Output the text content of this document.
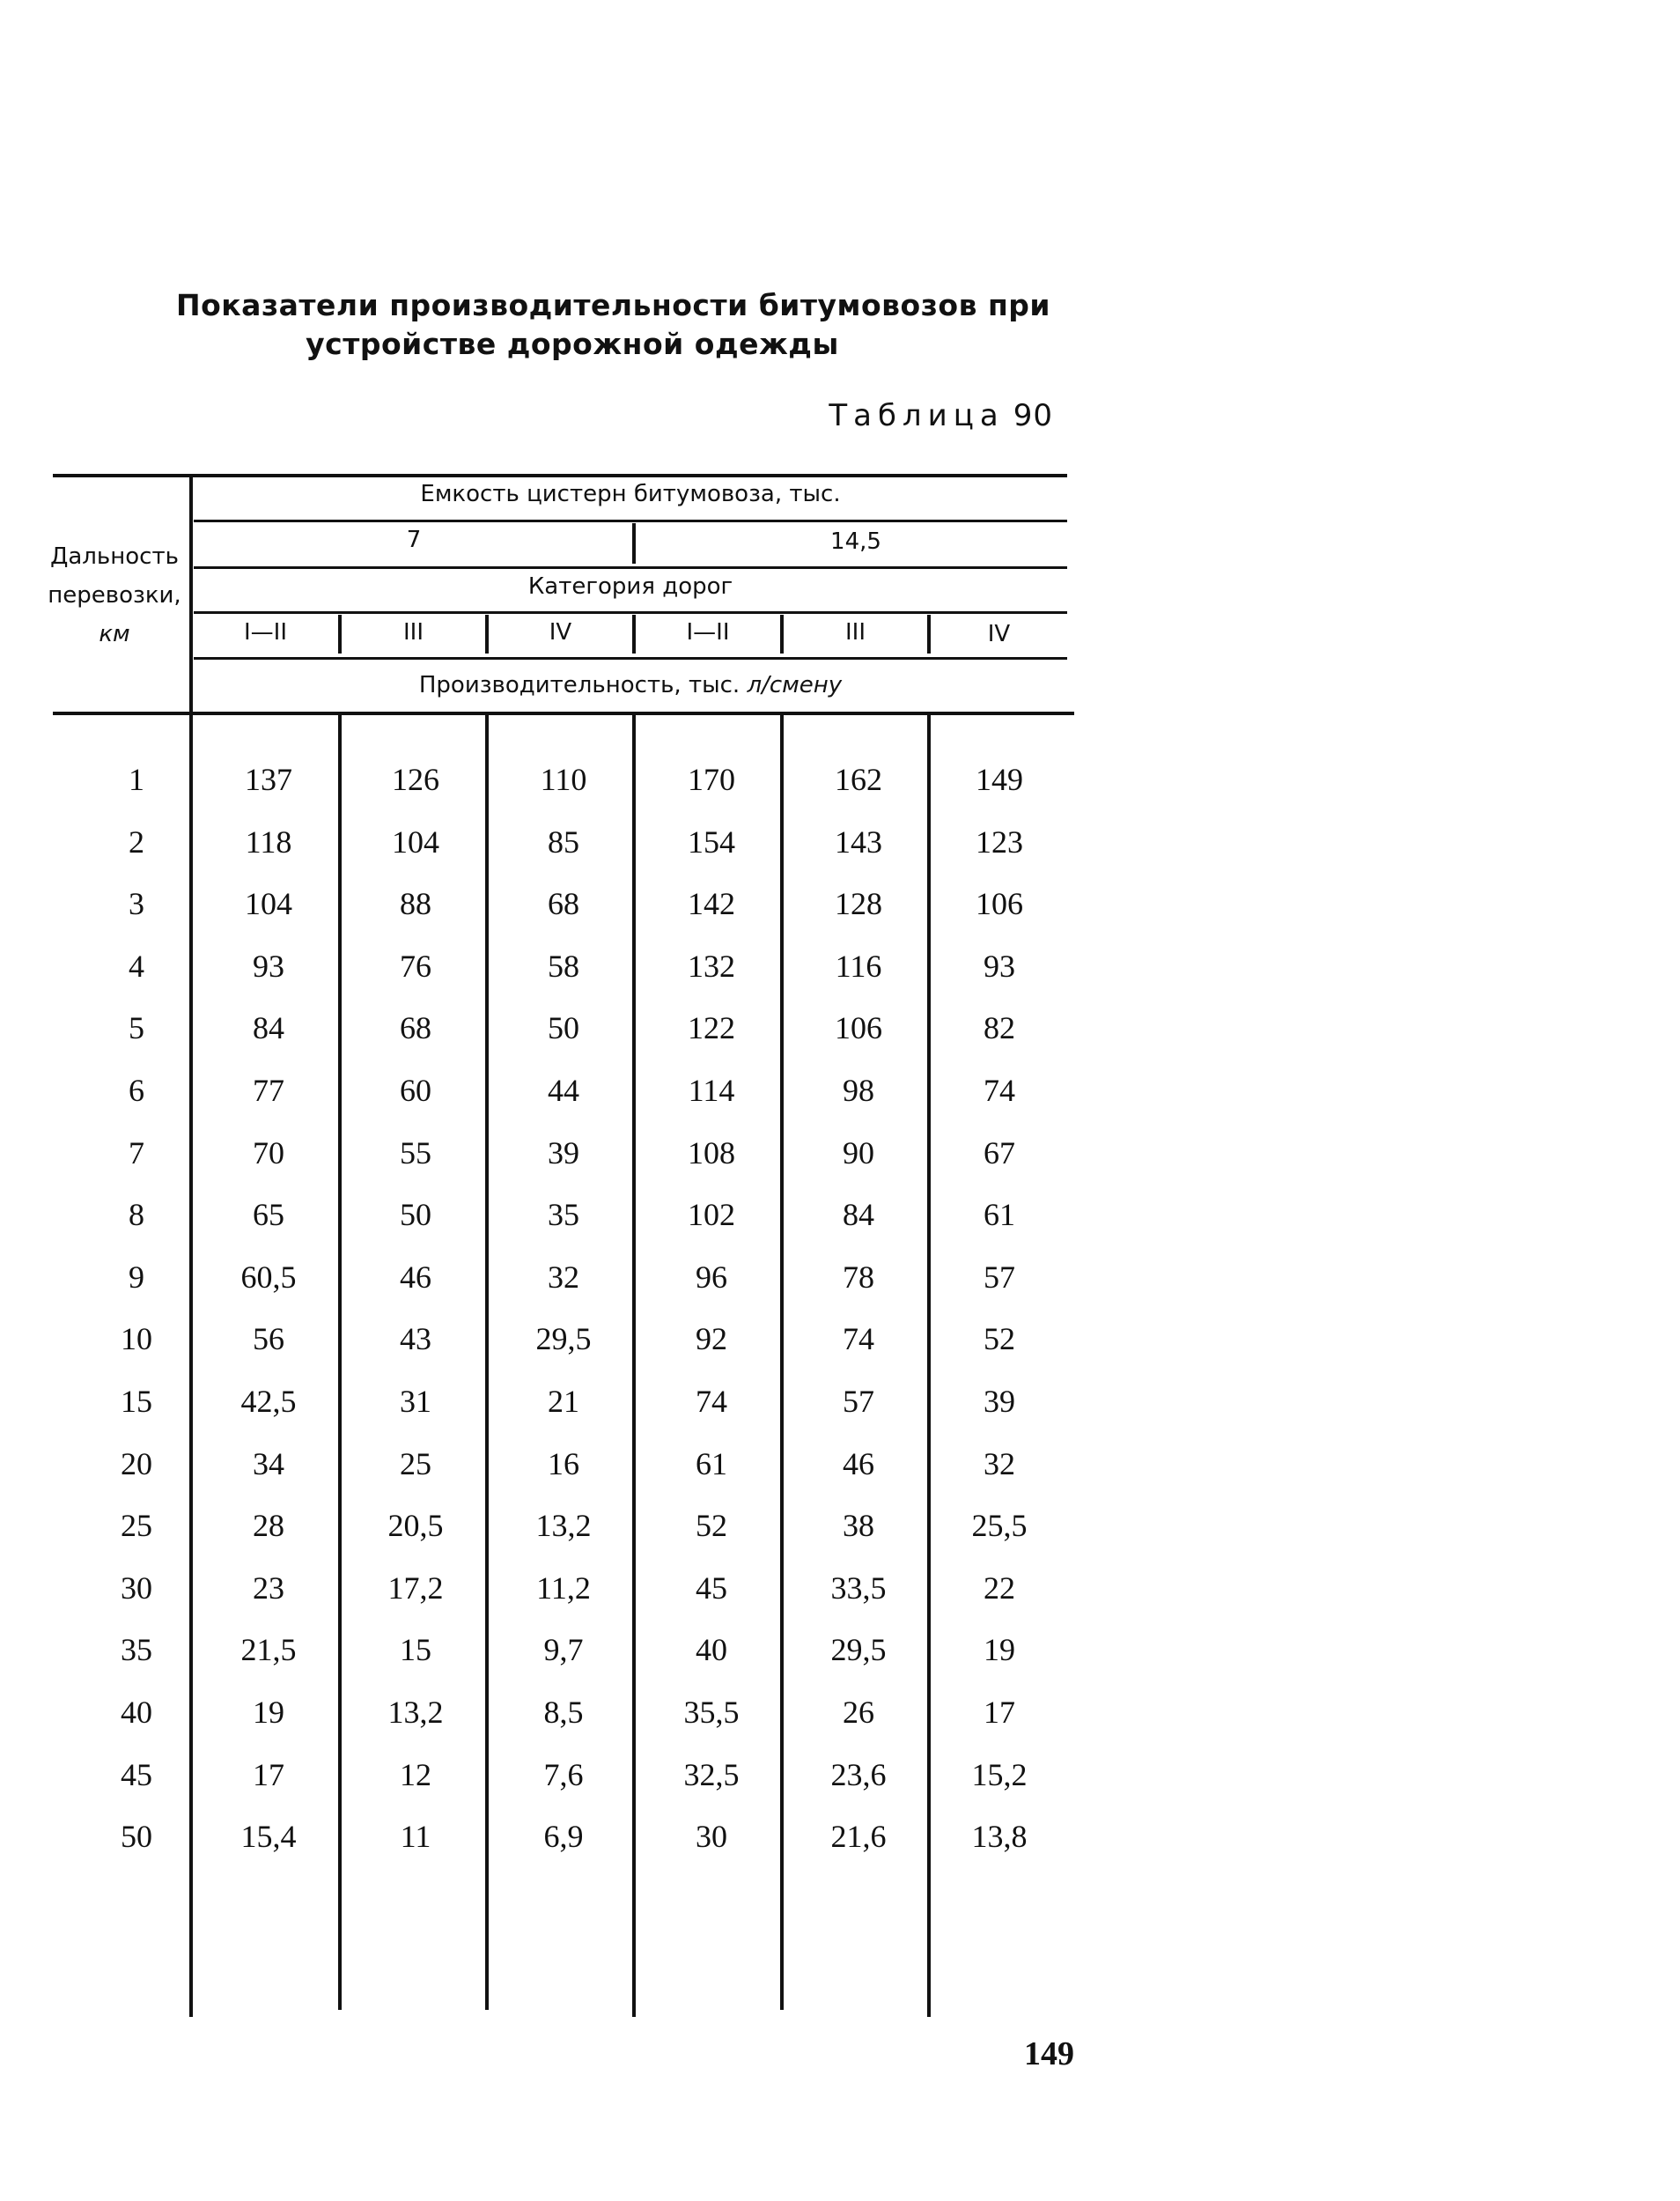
Показатели производительности битумовозов при
устройстве дорожной одежды
Таблица 90
Дальность
перевозки,
км
Емкость цистерн битумовоза, тыс.
7	14,5
Категория дорог
I—II	III	IV	I—II	III	IV
Производительность, тыс. л/смену
1	137	126	110	170	162	149
2	118	104	85	154	143	123
3	104	88	68	142	128	106
4	93	76	58	132	116	93
5	84	68	50	122	106	82
6	77	60	44	114	98	74
7	70	55	39	108	90	67
8	65	50	35	102	84	61
9	60,5	46	32	96	78	57
10	56	43	29,5	92	74	52
15	42,5	31	21	74	57	39
20	34	25	16	61	46	32
25	28	20,5	13,2	52	38	25,5
30	23	17,2	11,2	45	33,5	22
35	21,5	15	9,7	40	29,5	19
40	19	13,2	8,5	35,5	26	17
45	17	12	7,6	32,5	23,6	15,2
50	15,4	11	6,9	30	21,6	13,8
149
